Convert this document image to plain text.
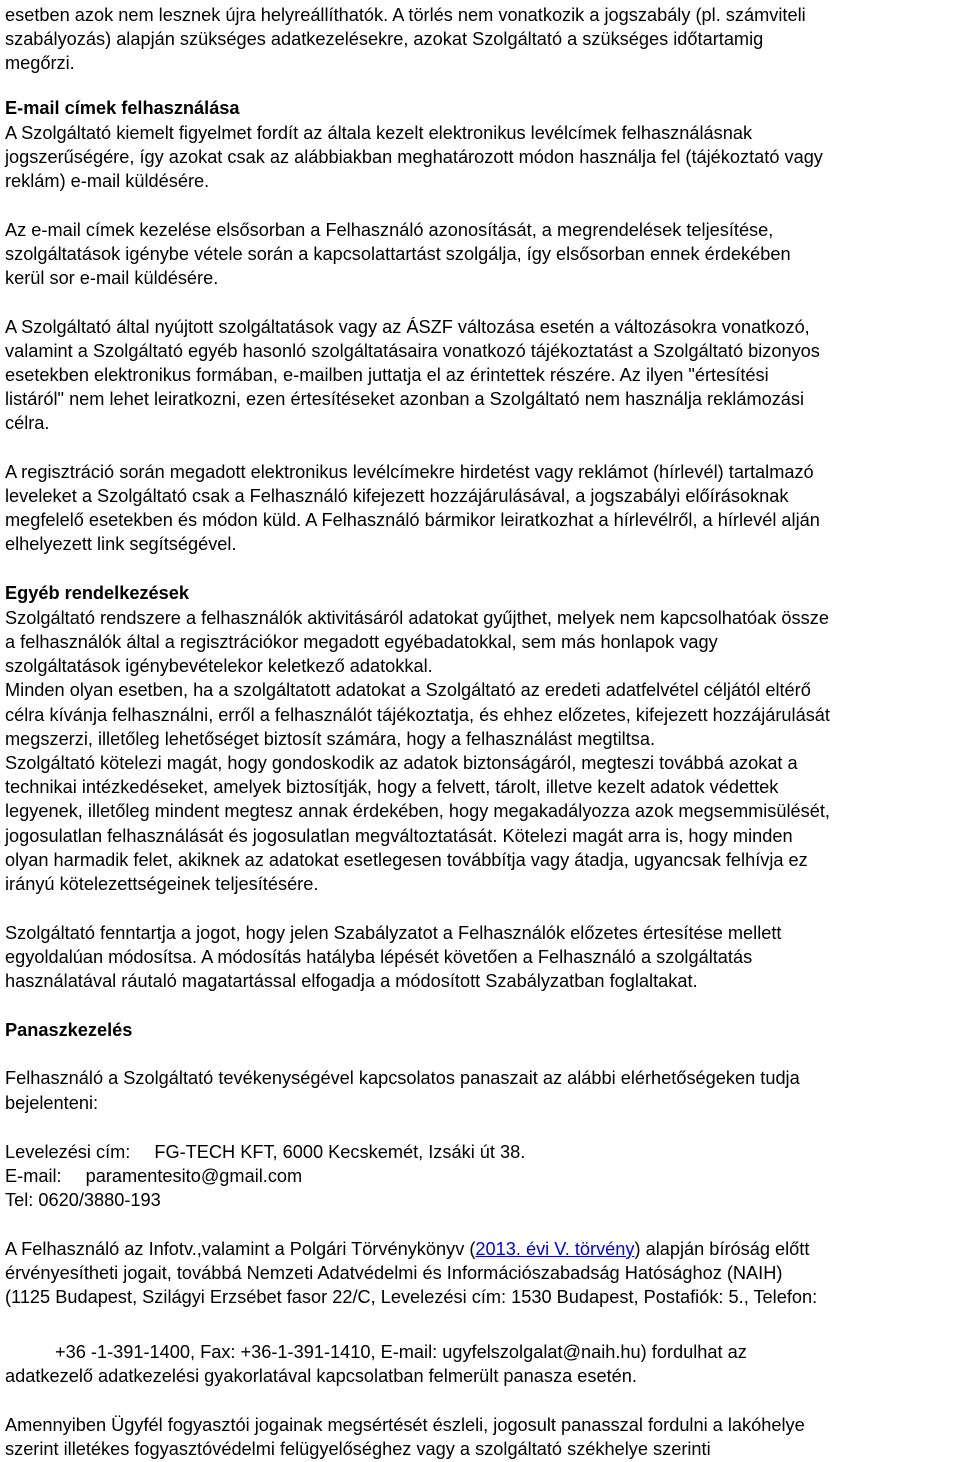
esetben azok nem lesznek újra helyreállíthatók. A törlés nem vonatkozik a jogszabály (pl. számviteli
szabályozás) alapján szükséges adatkezelésekre, azokat Szolgáltató a szükséges időtartamig
megőrzi.
E-mail címek felhasználása
A Szolgáltató kiemelt figyelmet fordít az általa kezelt elektronikus levélcímek felhasználásnak
jogszerűségére, így azokat csak az alábbiakban meghatározott módon használja fel (tájékoztató vagy
reklám) e-mail küldésére.
Az e-mail címek kezelése elsősorban a Felhasználó azonosítását, a megrendelések teljesítése,
szolgáltatások igénybe vétele során a kapcsolattartást szolgálja, így elsősorban ennek érdekében
kerül sor e-mail küldésére.
A Szolgáltató által nyújtott szolgáltatások vagy az ÁSZF változása esetén a változásokra vonatkozó,
valamint a Szolgáltató egyéb hasonló szolgáltatásaira vonatkozó tájékoztatást a Szolgáltató bizonyos
esetekben elektronikus formában, e-mailben juttatja el az érintettek részére. Az ilyen "értesítési
listáról" nem lehet leiratkozni, ezen értesítéseket azonban a Szolgáltató nem használja reklámozási
célra.
A regisztráció során megadott elektronikus levélcímekre hirdetést vagy reklámot (hírlevél) tartalmazó
leveleket a Szolgáltató csak a Felhasználó kifejezett hozzájárulásával, a jogszabályi előírásoknak
megfelelő esetekben és módon küld. A Felhasználó bármikor leiratkozhat a hírlevélről, a hírlevél alján
elhelyezett link segítségével.
Egyéb rendelkezések
Szolgáltató rendszere a felhasználók aktivitásáról adatokat gyűjthet, melyek nem kapcsolhatóak össze
a felhasználók által a regisztrációkor megadott egyébadatokkal, sem más honlapok vagy
szolgáltatások igénybevételekor keletkező adatokkal.
Minden olyan esetben, ha a szolgáltatott adatokat a Szolgáltató az eredeti adatfelvétel céljától eltérő
célra kívánja felhasználni, erről a felhasználót tájékoztatja, és ehhez előzetes, kifejezett hozzájárulását
megszerzi, illetőleg lehetőséget biztosít számára, hogy a felhasználást megtiltsa.
Szolgáltató kötelezi magát, hogy gondoskodik az adatok biztonságáról, megteszi továbbá azokat a
technikai intézkedéseket, amelyek biztosítják, hogy a felvett, tárolt, illetve kezelt adatok védettek
legyenek, illetőleg mindent megtesz annak érdekében, hogy megakadályozza azok megsemmisülését,
jogosulatlan felhasználását és jogosulatlan megváltoztatását. Kötelezi magát arra is, hogy minden
olyan harmadik felet, akiknek az adatokat esetlegesen továbbítja vagy átadja, ugyancsak felhívja ez
irányú kötelezettségeinek teljesítésére.
Szolgáltató fenntartja a jogot, hogy jelen Szabályzatot a Felhasználók előzetes értesítése mellett
egyoldalúan módosítsa. A módosítás hatályba lépését követően a Felhasználó a szolgáltatás
használatával ráutaló magatartással elfogadja a módosított Szabályzatban foglaltakat.
Panaszkezelés
Felhasználó a Szolgáltató tevékenységével kapcsolatos panaszait az alábbi elérhetőségeken tudja
bejelenteni:
Levelezési cím: FG-TECH KFT, 6000 Kecskemét, Izsáki út 38.
E-mail: paramentesito@gmail.com
Tel: 0620/3880-193
A Felhasználó az Infotv.,valamint a Polgári Törvénykönyv (2013. évi V. törvény) alapján bíróság előtt
érvényesítheti jogait, továbbá Nemzeti Adatvédelmi és Információszabadság Hatósághoz (NAIH)
(1125 Budapest, Szilágyi Erzsébet fasor 22/C, Levelezési cím: 1530 Budapest, Postafiók: 5., Telefon:
+36 -1-391-1400, Fax: +36-1-391-1410, E-mail: ugyfelszolgalat@naih.hu) fordulhat az
adatkezelő adatkezelési gyakorlatával kapcsolatban felmerült panasza esetén.
Amennyiben Ügyfél fogyasztói jogainak megsértését észleli, jogosult panasszal fordulni a lakóhelye
szerint illetékes fogyasztóvédelmi felügyelőséghez vagy a szolgáltató székhelye szerinti
